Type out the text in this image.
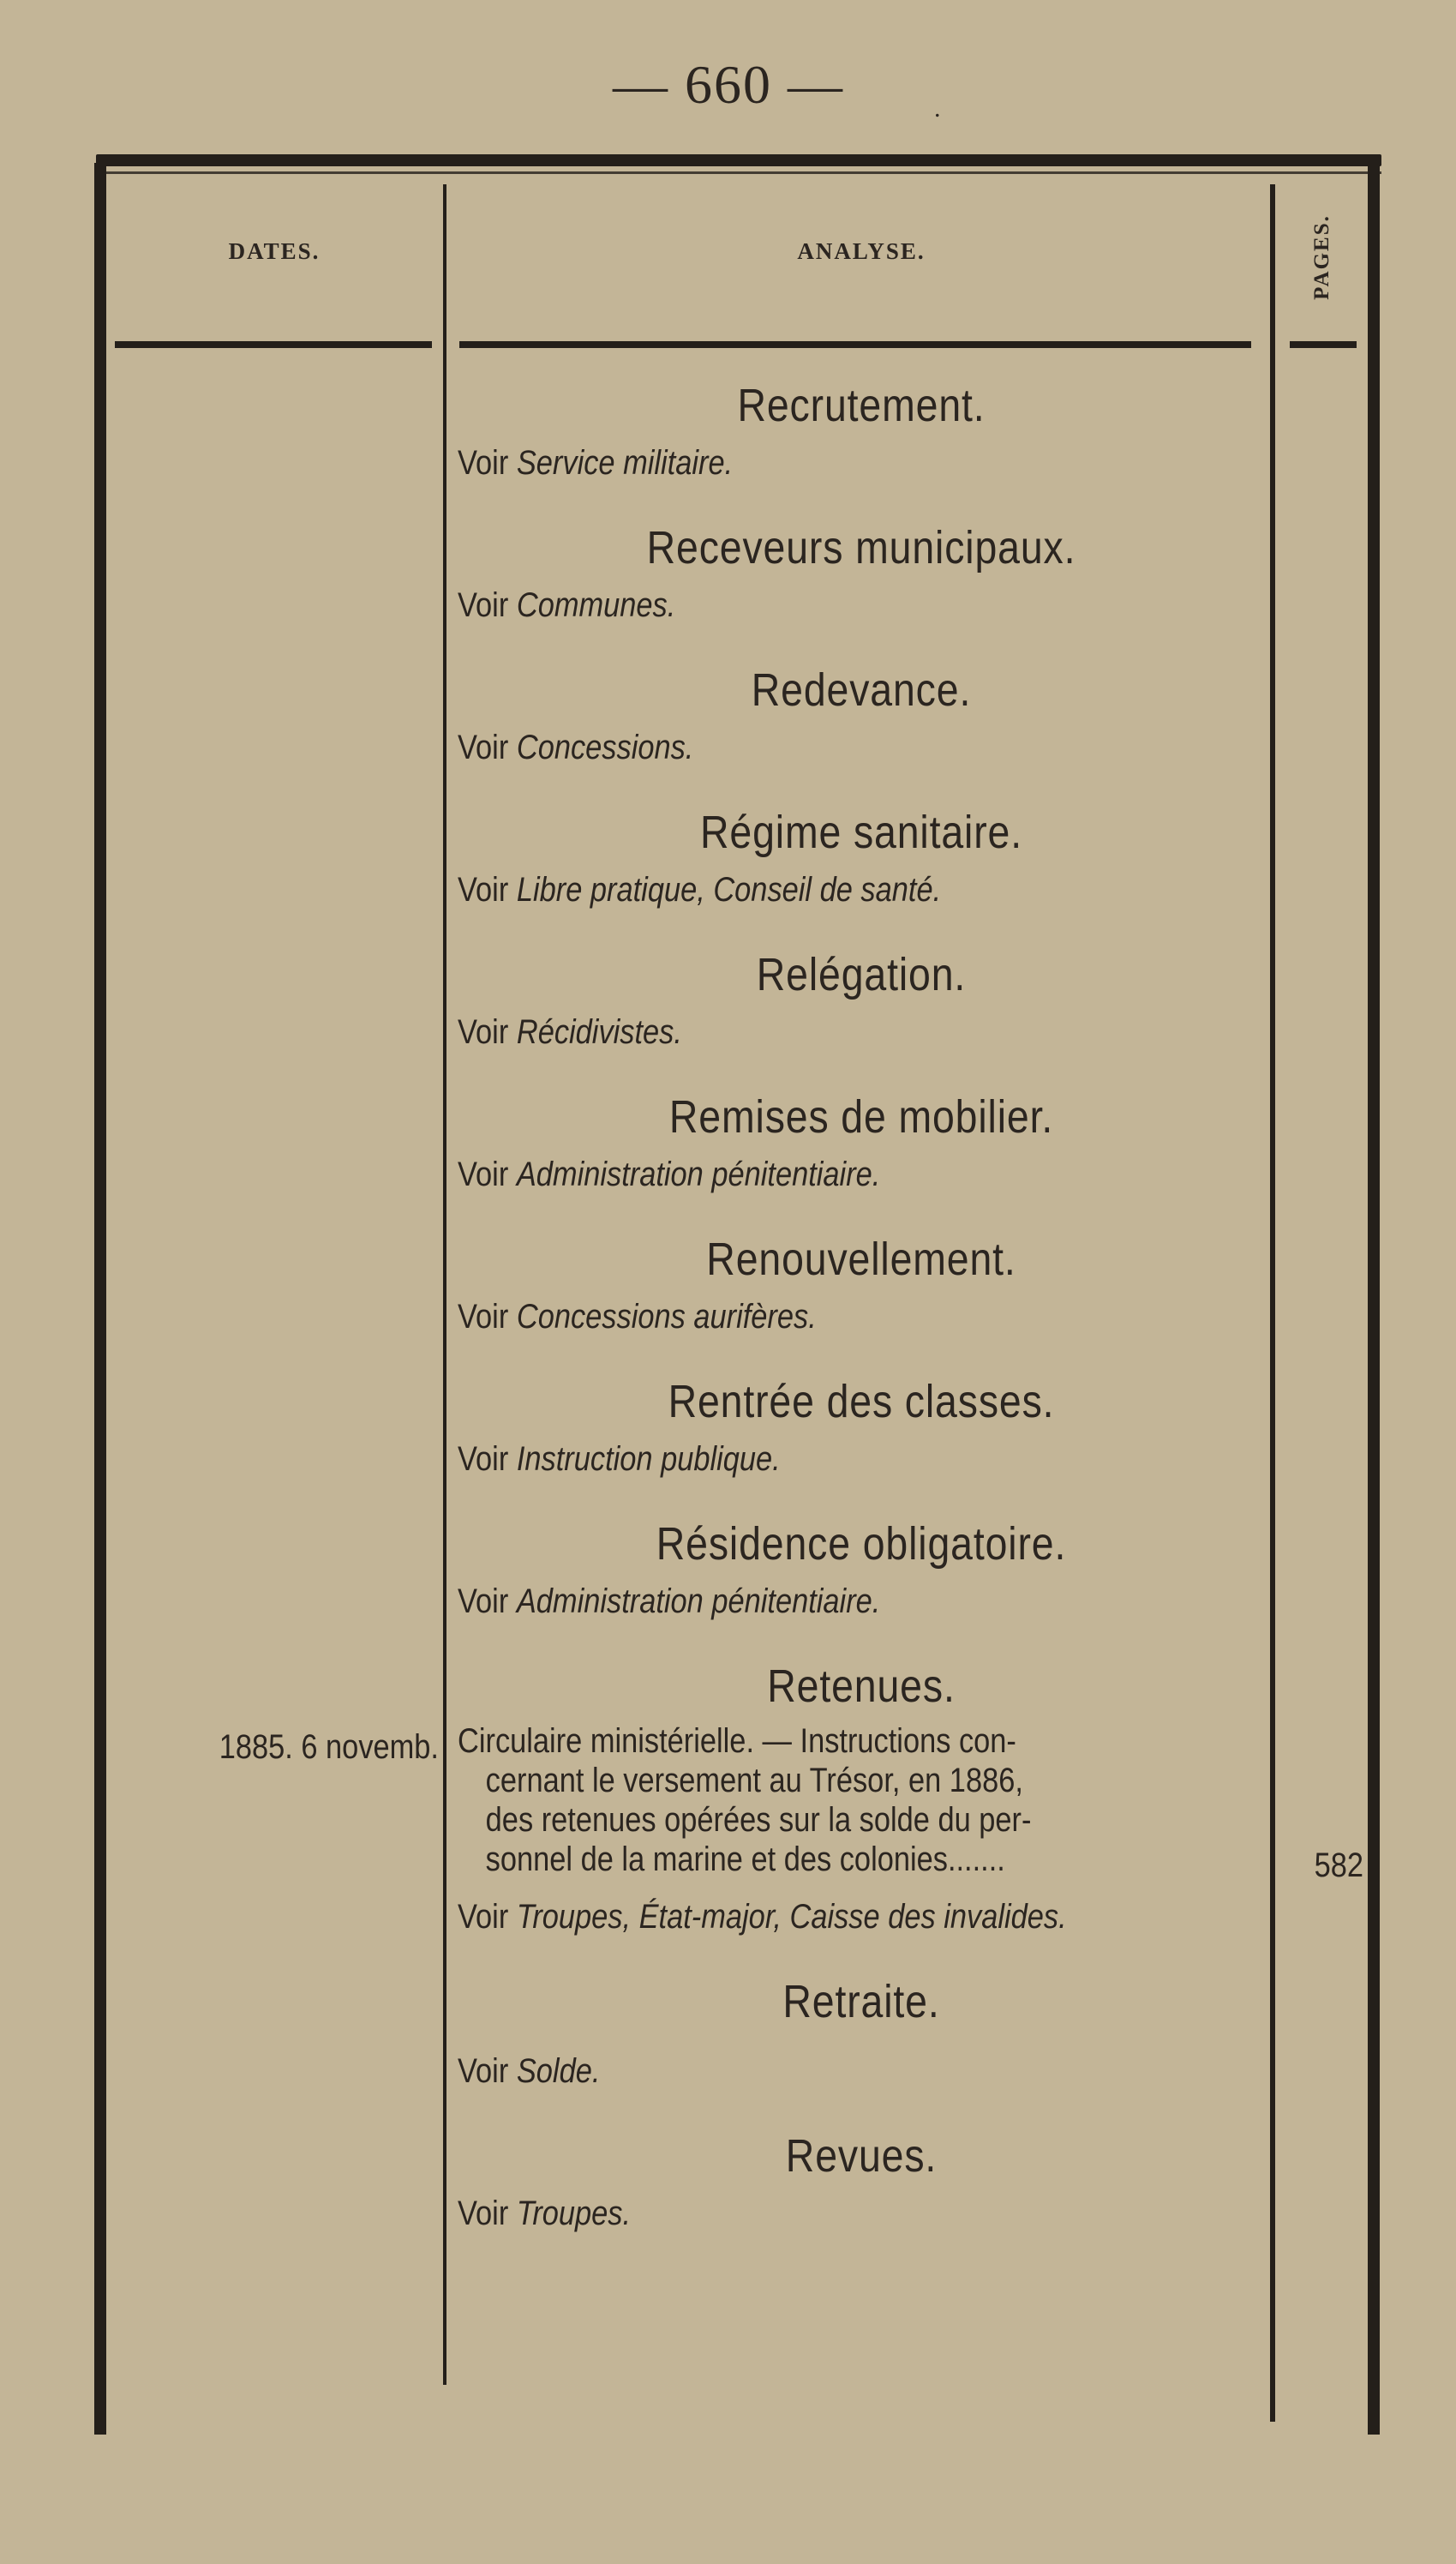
— 660 —	.
DATES.	ANALYSE.	PAGES.

Recrutement.

Voir Service militaire.

Receveurs municipaux.

Voir Communes.

Redevance.

Voir Concessions.

Régime sanitaire.

Voir Libre pratique, Conseil de santé.

Relégation.

Voir Récidivistes.

Remises de mobilier.

Voir Administration pénitentiaire.

Renouvellement.

Voir Concessions aurifères.

Rentrée des classes.

Voir Instruction publique.

Résidence obligatoire.

Voir Administration pénitentiaire.

Retenues.

1885. 6 novemb. Circulaire ministérielle. — Instructions con-
cernant le versement au Trésor, en 1886,
des retenues opérées sur la solde du per-
sonnel de la marine et des colonies.......	582

Voir Troupes, État-major, Caisse des invalides.

Retraite.

Voir Solde.

Revues.

Voir Troupes.
